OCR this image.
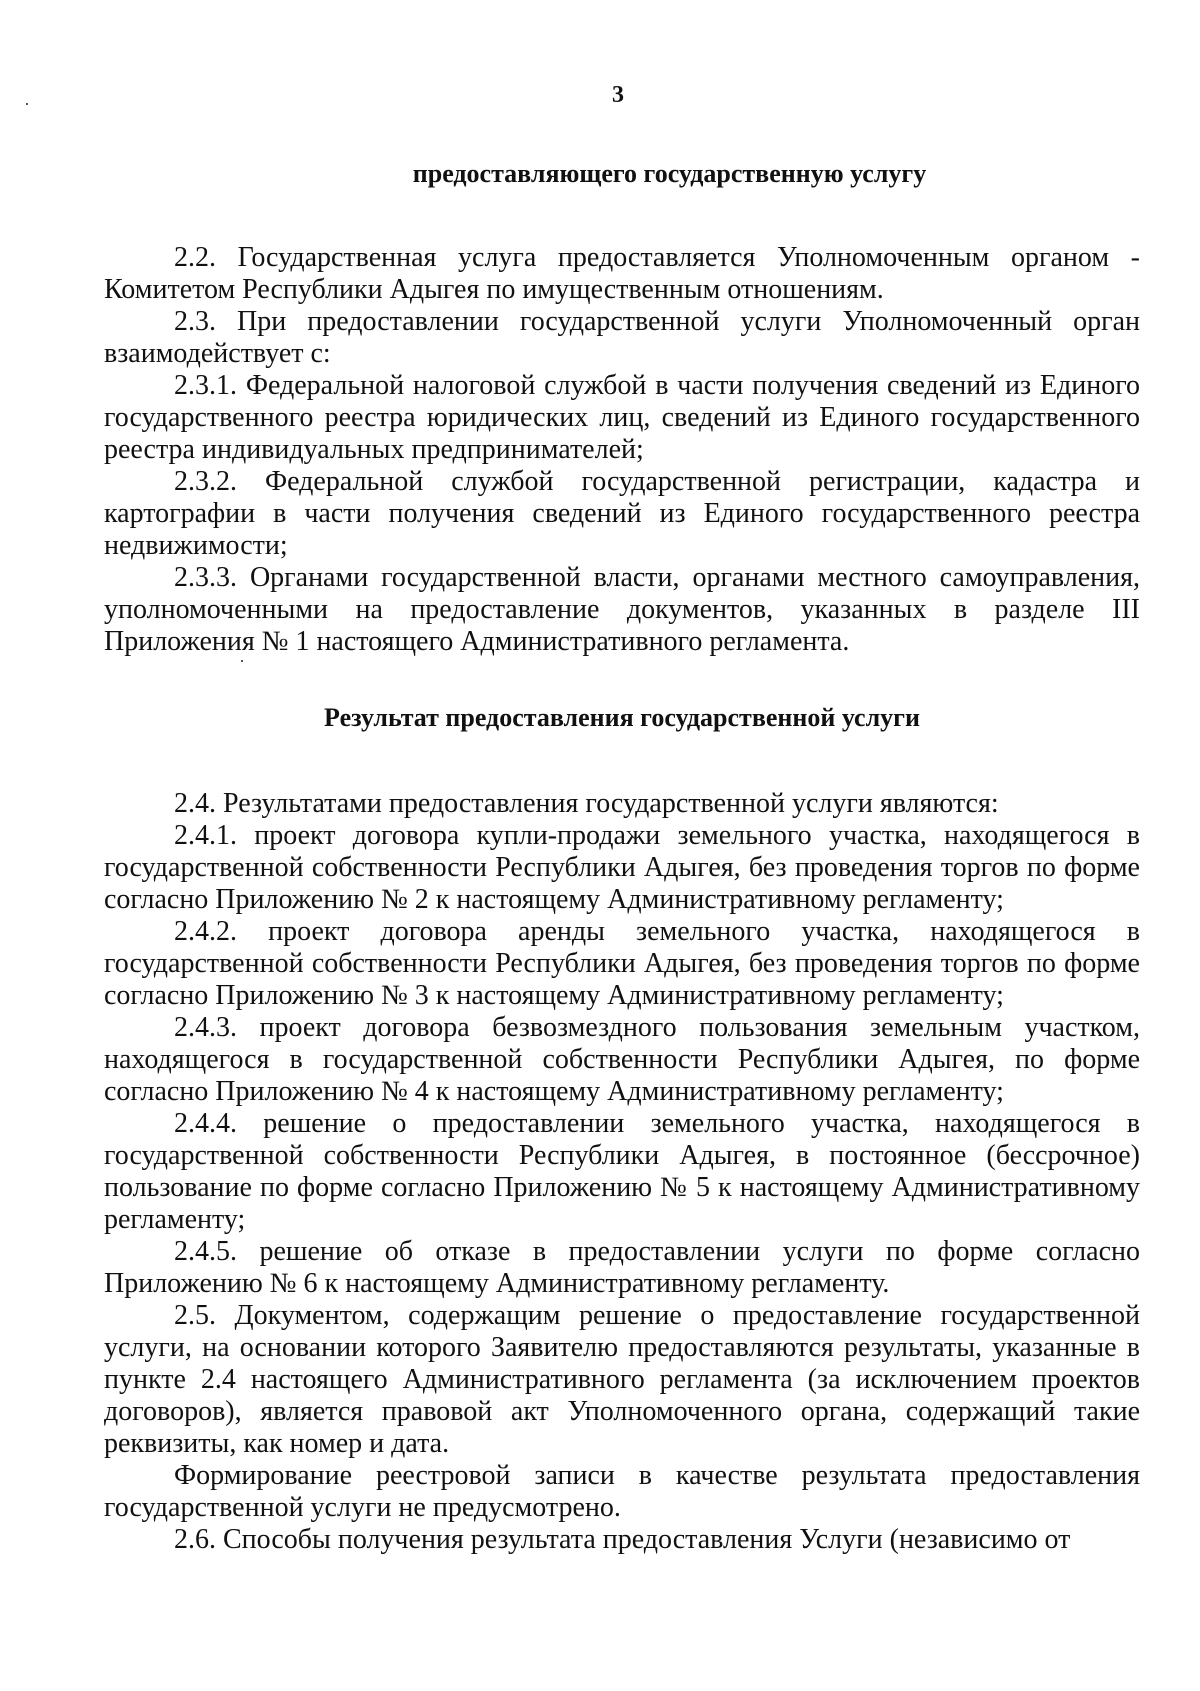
3

предоставляющего государственную услугу

2.2. Государственная услуга предоставляется Уполномоченным органом - Комитетом Республики Адыгея по имущественным отношениям.

2.3. При предоставлении государственной услуги Уполномоченный орган взаимодействует с:

2.3.1. Федеральной налоговой службой в части получения сведений из Единого государственного реестра юридических лиц, сведений из Единого государственного реестра индивидуальных предпринимателей;

2.3.2. Федеральной службой государственной регистрации, кадастра и картографии в части получения сведений из Единого государственного реестра недвижимости;

2.3.3. Органами государственной власти, органами местного самоуправления, уполномоченными на предоставление документов, указанных в разделе III Приложения № 1 настоящего Административного регламента.

Результат предоставления государственной услуги

2.4. Результатами предоставления государственной услуги являются:

2.4.1. проект договора купли-продажи земельного участка, находящегося в государственной собственности Республики Адыгея, без проведения торгов по форме согласно Приложению № 2 к настоящему Административному регламенту;

2.4.2. проект договора аренды земельного участка, находящегося в государственной собственности Республики Адыгея, без проведения торгов по форме согласно Приложению № 3 к настоящему Административному регламенту;

2.4.3. проект договора безвозмездного пользования земельным участком, находящегося в государственной собственности Республики Адыгея, по форме согласно Приложению № 4 к настоящему Административному регламенту;

2.4.4. решение о предоставлении земельного участка, находящегося в государственной собственности Республики Адыгея, в постоянное (бессрочное) пользование по форме согласно Приложению № 5 к настоящему Административному регламенту;

2.4.5. решение об отказе в предоставлении услуги по форме согласно Приложению № 6 к настоящему Административному регламенту.

2.5. Документом, содержащим решение о предоставление государственной услуги, на основании которого Заявителю предоставляются результаты, указанные в пункте 2.4 настоящего Административного регламента (за исключением проектов договоров), является правовой акт Уполномоченного органа, содержащий такие реквизиты, как номер и дата.

Формирование реестровой записи в качестве результата предоставления государственной услуги не предусмотрено.

2.6. Способы получения результата предоставления Услуги (независимо от
